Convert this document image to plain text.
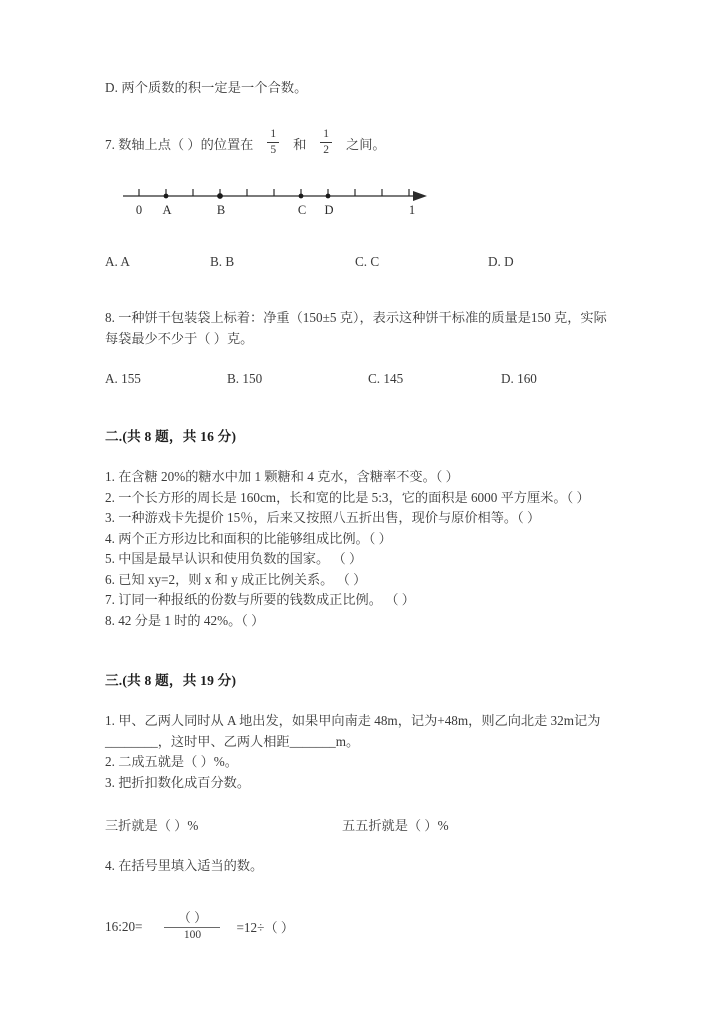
D. 两个质数的积一定是一个合数。
7. 数轴上点（ ）的位置在 $\frac{1}{5}$ 和 $\frac{1}{2}$ 之间。
0 A	B	C D	1
A. A	B. B	C. C	D. D
8. 一种饼干包装袋上标着：净重（150±5 克），表示这种饼干标准的质量是150 克，实际每袋最少不少于（ ）克。
A. 155	B. 150	C. 145	D. 160
二.(共 8 题，共 16 分)
1. 在含糖 20%的糖水中加 1 颗糖和 4 克水，含糖率不变。（ ）
2. 一个长方形的周长是 160cm，长和宽的比是 5:3，它的面积是 6000 平方厘米。（ ）
3. 一种游戏卡先提价 15％，后来又按照八五折出售，现价与原价相等。（ ）
4. 两个正方形边比和面积的比能够组成比例。（ ）
5. 中国是最早认识和使用负数的国家。 （ ）
6. 已知 xy=2，则 x 和 y 成正比例关系。 （ ）
7. 订同一种报纸的份数与所要的钱数成正比例。 （ ）
8. 42 分是 1 时的 42%。（ ）
三.(共 8 题，共 19 分)
1. 甲、乙两人同时从 A 地出发，如果甲向南走 48m，记为+48m，则乙向北走 32m记为________，这时甲、乙两人相距_______m。
2. 二成五就是（ ）%。
3. 把折扣数化成百分数。
三折就是（ ）%	五五折就是（ ）%
4. 在括号里填入适当的数。
16:20= $\frac{( )}{100} =12\div$（ ）
